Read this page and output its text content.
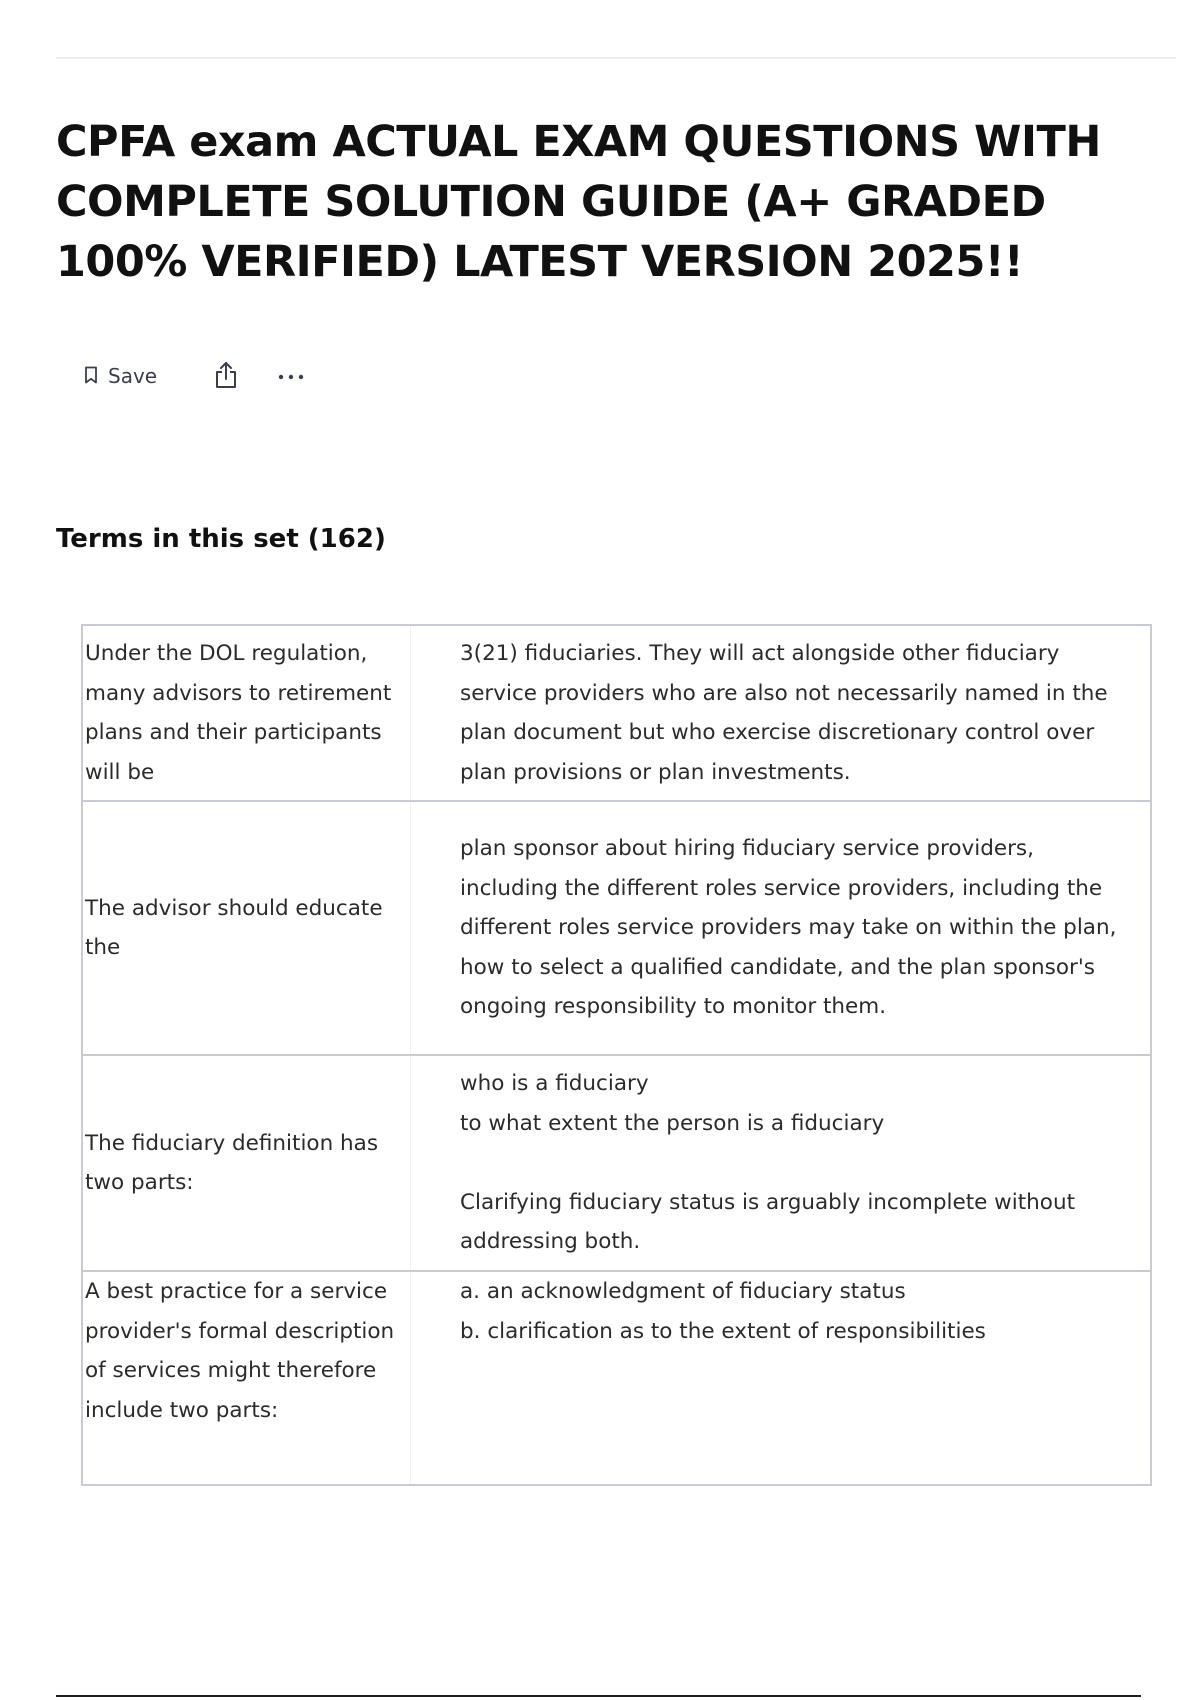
CPFA exam ACTUAL EXAM QUESTIONS WITH COMPLETE SOLUTION GUIDE (A+ GRADED 100% VERIFIED) LATEST VERSION 2025!!
Save
Terms in this set (162)
Under the DOL regulation, many advisors to retirement plans and their participants will be	3(21) fiduciaries. They will act alongside other fiduciary service providers who are also not necessarily named in the plan document but who exercise discretionary control over plan provisions or plan investments.
The advisor should educate the	plan sponsor about hiring fiduciary service providers, including the different roles service providers, including the different roles service providers may take on within the plan, how to select a qualified candidate, and the plan sponsor's ongoing responsibility to monitor them.
The fiduciary definition has two parts:	who is a fiduciary
to what extent the person is a fiduciary

Clarifying fiduciary status is arguably incomplete without addressing both.
A best practice for a service provider's formal description of services might therefore include two parts:	a. an acknowledgment of fiduciary status
b. clarification as to the extent of responsibilities
